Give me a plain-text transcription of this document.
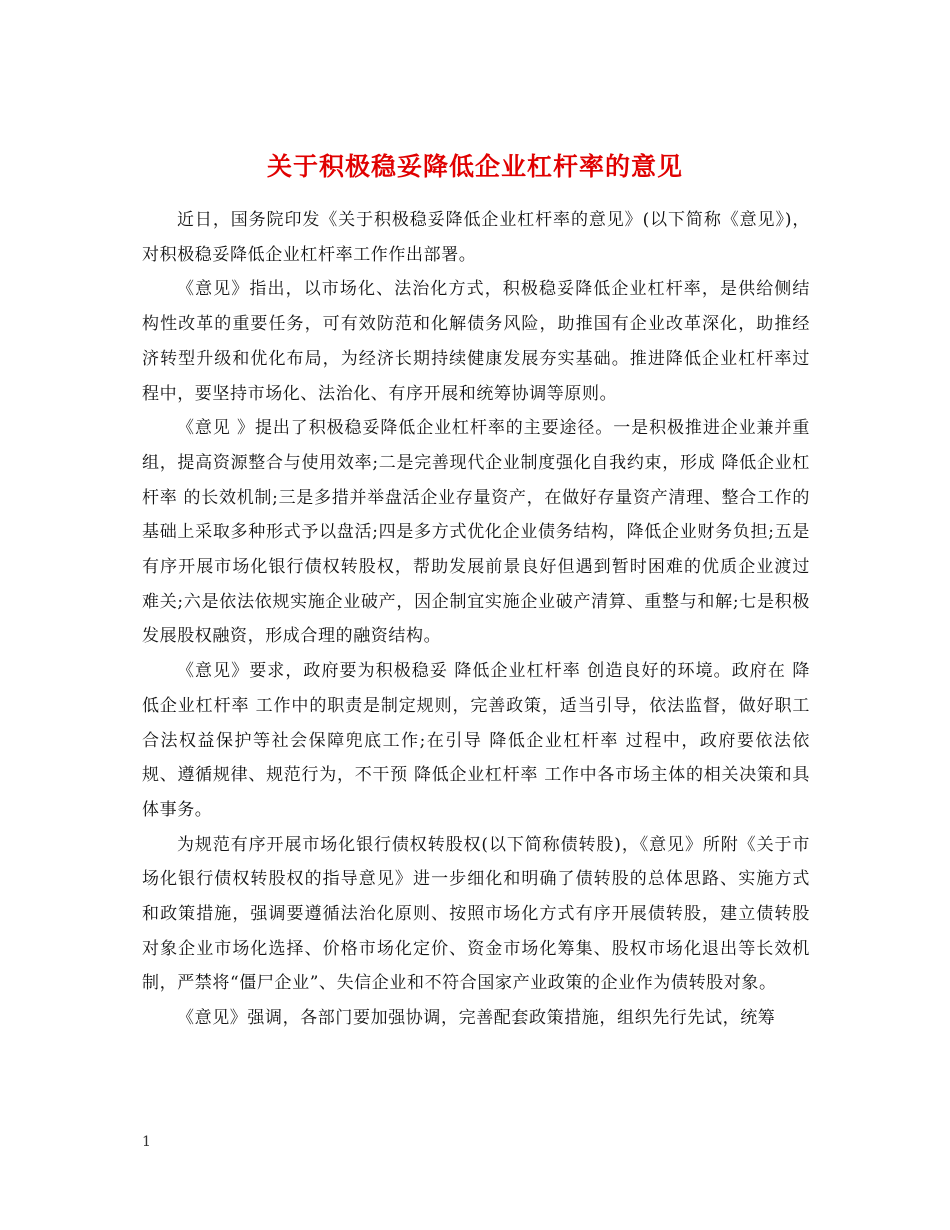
关于积极稳妥降低企业杠杆率的意见

近日，国务院印发《关于积极稳妥降低企业杠杆率的意见》(以下简称《意见》)，对积极稳妥降低企业杠杆率工作作出部署。

《意见》指出，以市场化、法治化方式，积极稳妥降低企业杠杆率，是供给侧结构性改革的重要任务，可有效防范和化解债务风险，助推国有企业改革深化，助推经济转型升级和优化布局，为经济长期持续健康发展夯实基础。推进降低企业杠杆率过程中，要坚持市场化、法治化、有序开展和统筹协调等原则。

《意见 》提出了积极稳妥降低企业杠杆率的主要途径。一是积极推进企业兼并重组，提高资源整合与使用效率;二是完善现代企业制度强化自我约束，形成 降低企业杠杆率 的长效机制;三是多措并举盘活企业存量资产，在做好存量资产清理、整合工作的基础上采取多种形式予以盘活;四是多方式优化企业债务结构，降低企业财务负担;五是有序开展市场化银行债权转股权，帮助发展前景良好但遇到暂时困难的优质企业渡过难关;六是依法依规实施企业破产，因企制宜实施企业破产清算、重整与和解;七是积极发展股权融资，形成合理的融资结构。

《意见》要求，政府要为积极稳妥 降低企业杠杆率 创造良好的环境。政府在 降低企业杠杆率 工作中的职责是制定规则，完善政策，适当引导，依法监督，做好职工合法权益保护等社会保障兜底工作;在引导 降低企业杠杆率 过程中，政府要依法依规、遵循规律、规范行为，不干预 降低企业杠杆率 工作中各市场主体的相关决策和具体事务。

为规范有序开展市场化银行债权转股权(以下简称债转股)，《意见》所附《关于市场化银行债权转股权的指导意见》进一步细化和明确了债转股的总体思路、实施方式和政策措施，强调要遵循法治化原则、按照市场化方式有序开展债转股，建立债转股对象企业市场化选择、价格市场化定价、资金市场化筹集、股权市场化退出等长效机制，严禁将“僵尸企业”、失信企业和不符合国家产业政策的企业作为债转股对象。

《意见》强调，各部门要加强协调，完善配套政策措施，组织先行先试，统筹

1
